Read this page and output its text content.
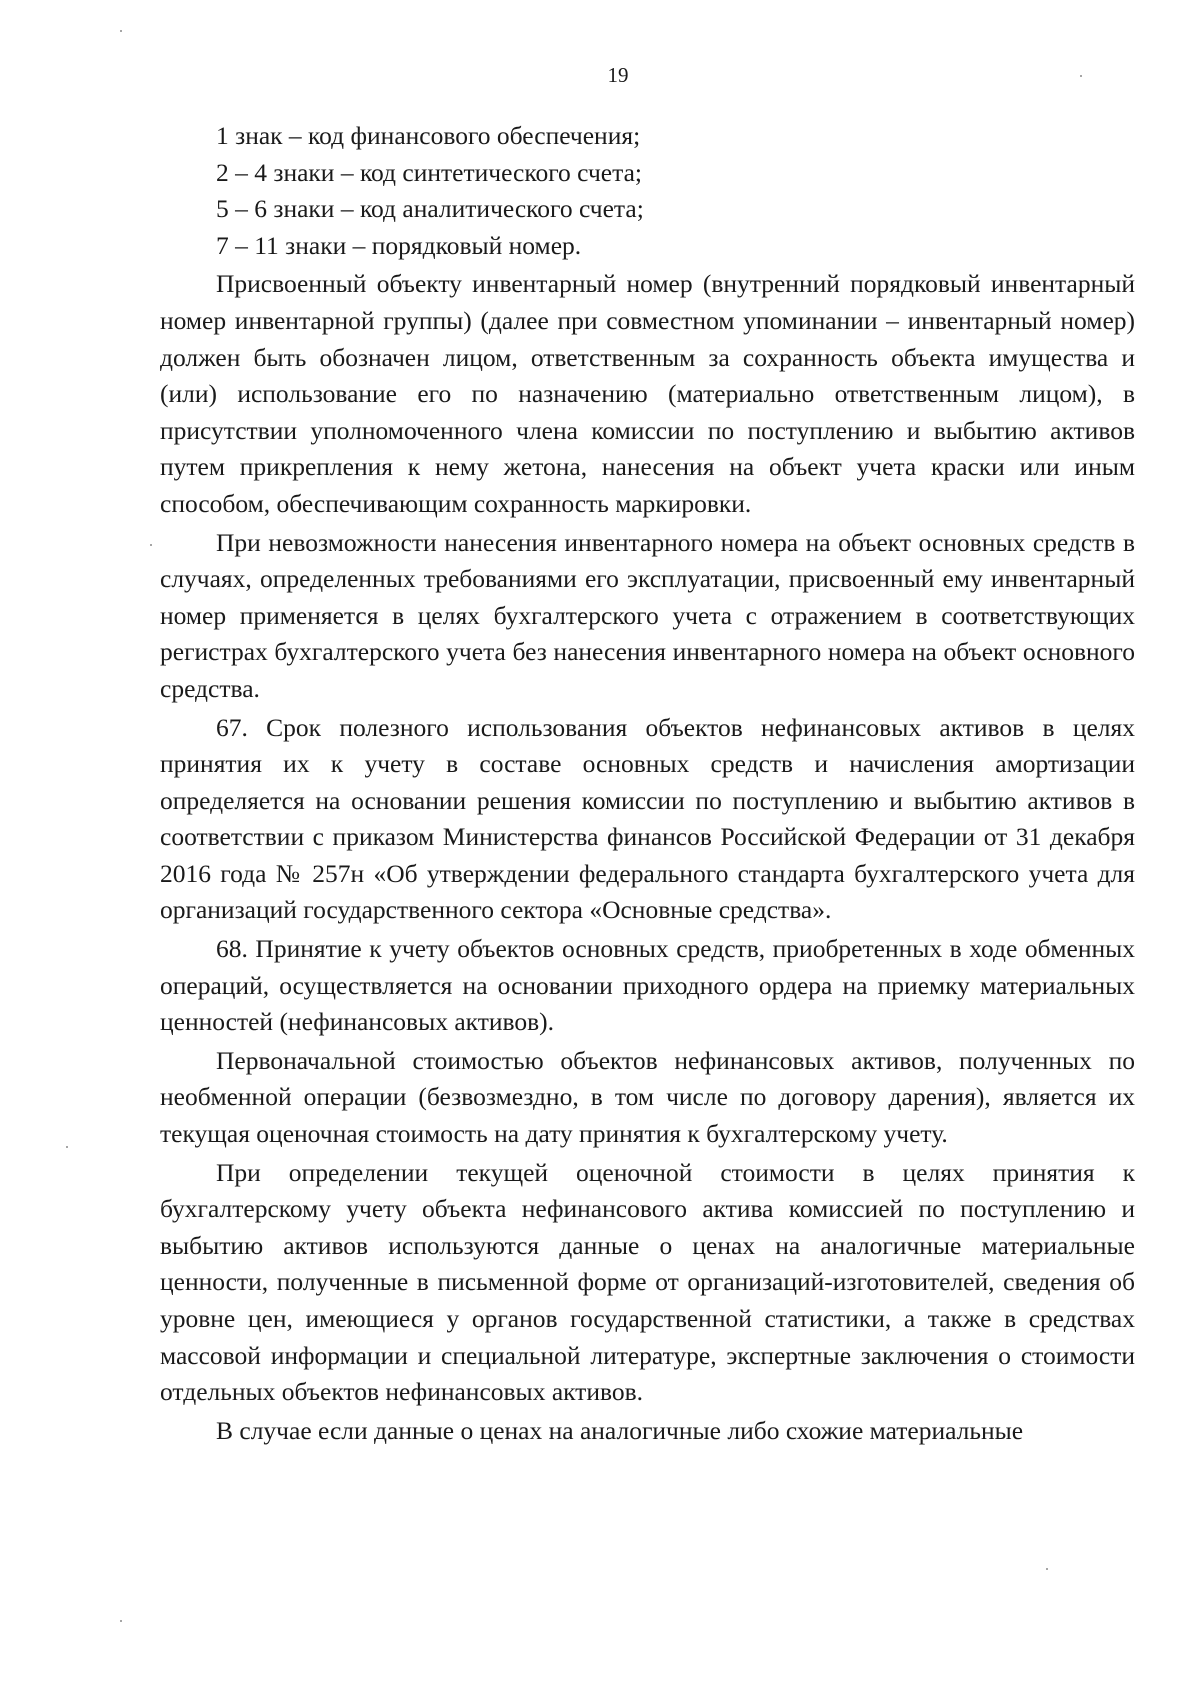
19

1 знак – код финансового обеспечения;

2 – 4 знаки – код синтетического счета;

5 – 6 знаки – код аналитического счета;

7 – 11 знаки – порядковый номер.

Присвоенный объекту инвентарный номер (внутренний порядковый инвентарный номер инвентарной группы) (далее при совместном упоминании – инвентарный номер) должен быть обозначен лицом, ответственным за сохранность объекта имущества и (или) использование его по назначению (материально ответственным лицом), в присутствии уполномоченного члена комиссии по поступлению и выбытию активов путем прикрепления к нему жетона, нанесения на объект учета краски или иным способом, обеспечивающим сохранность маркировки.

При невозможности нанесения инвентарного номера на объект основных средств в случаях, определенных требованиями его эксплуатации, присвоенный ему инвентарный номер применяется в целях бухгалтерского учета с отражением в соответствующих регистрах бухгалтерского учета без нанесения инвентарного номера на объект основного средства.

67. Срок полезного использования объектов нефинансовых активов в целях принятия их к учету в составе основных средств и начисления амортизации определяется на основании решения комиссии по поступлению и выбытию активов в соответствии с приказом Министерства финансов Российской Федерации от 31 декабря 2016 года № 257н «Об утверждении федерального стандарта бухгалтерского учета для организаций государственного сектора «Основные средства».

68. Принятие к учету объектов основных средств, приобретенных в ходе обменных операций, осуществляется на основании приходного ордера на приемку материальных ценностей (нефинансовых активов).

Первоначальной стоимостью объектов нефинансовых активов, полученных по необменной операции (безвозмездно, в том числе по договору дарения), является их текущая оценочная стоимость на дату принятия к бухгалтерскому учету.

При определении текущей оценочной стоимости в целях принятия к бухгалтерскому учету объекта нефинансового актива комиссией по поступлению и выбытию активов используются данные о ценах на аналогичные материальные ценности, полученные в письменной форме от организаций-изготовителей, сведения об уровне цен, имеющиеся у органов государственной статистики, а также в средствах массовой информации и специальной литературе, экспертные заключения о стоимости отдельных объектов нефинансовых активов.

В случае если данные о ценах на аналогичные либо схожие материальные
